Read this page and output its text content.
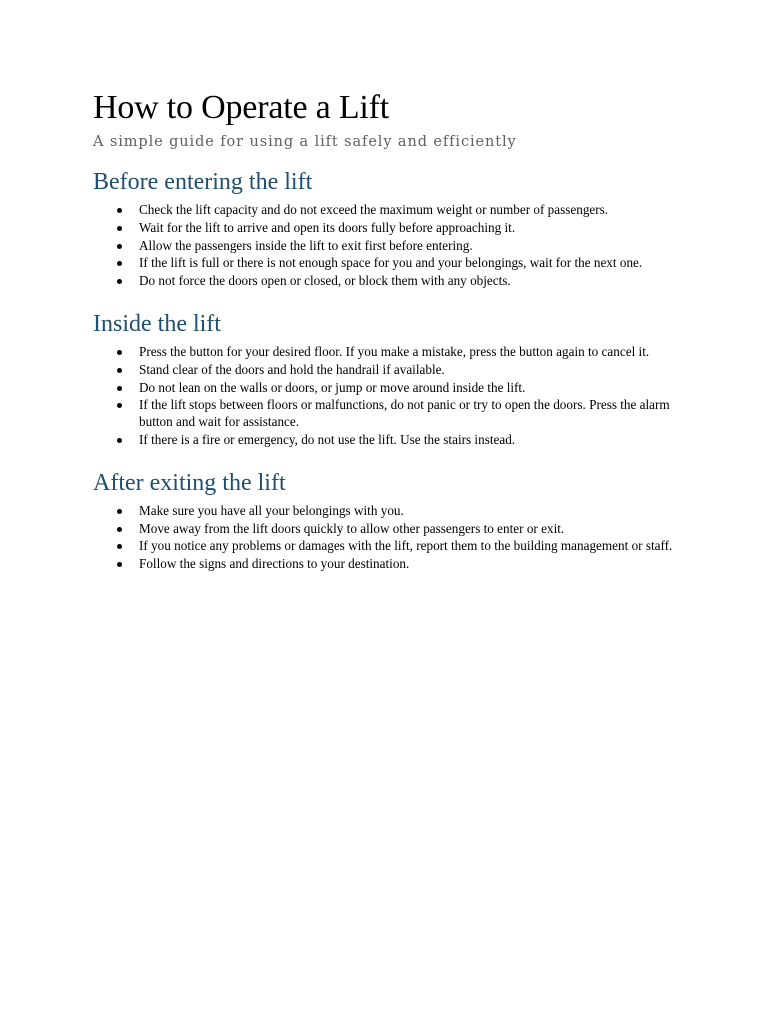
How to Operate a Lift

A simple guide for using a lift safely and efficiently

Before entering the lift
Check the lift capacity and do not exceed the maximum weight or number of passengers.
Wait for the lift to arrive and open its doors fully before approaching it.
Allow the passengers inside the lift to exit first before entering.
If the lift is full or there is not enough space for you and your belongings, wait for the next one.
Do not force the doors open or closed, or block them with any objects.
Inside the lift
Press the button for your desired floor. If you make a mistake, press the button again to cancel it.
Stand clear of the doors and hold the handrail if available.
Do not lean on the walls or doors, or jump or move around inside the lift.
If the lift stops between floors or malfunctions, do not panic or try to open the doors. Press the alarm button and wait for assistance.
If there is a fire or emergency, do not use the lift. Use the stairs instead.
After exiting the lift
Make sure you have all your belongings with you.
Move away from the lift doors quickly to allow other passengers to enter or exit.
If you notice any problems or damages with the lift, report them to the building management or staff.
Follow the signs and directions to your destination.
